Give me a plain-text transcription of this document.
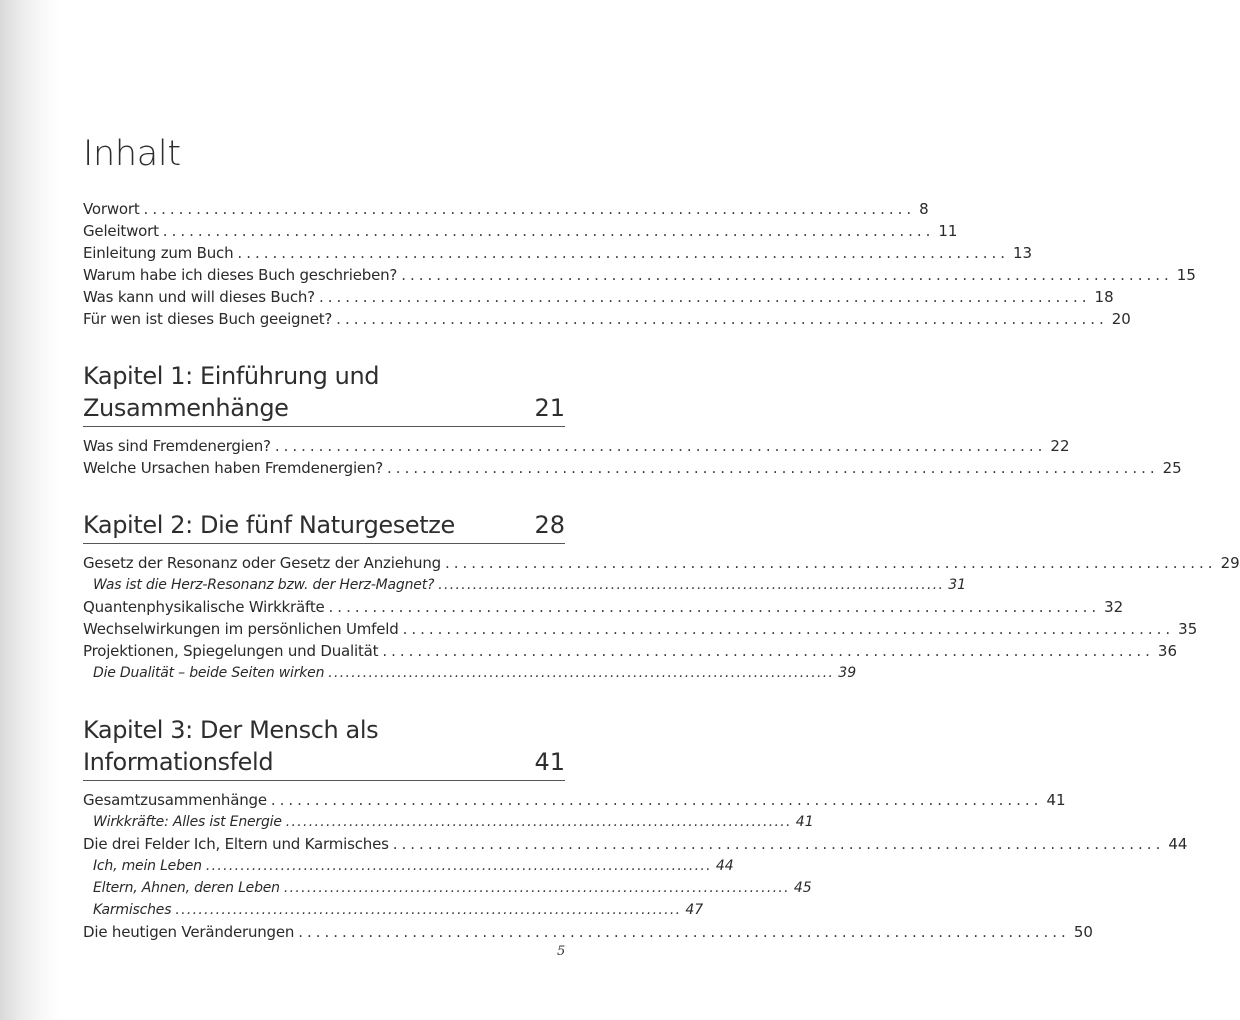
Inhalt
Vorwort ........................................................................................ 8
Geleitwort ........................................................................................ 11
Einleitung zum Buch ........................................................................................ 13
Warum habe ich dieses Buch geschrieben? ........................................................................................ 15
Was kann und will dieses Buch? ........................................................................................ 18
Für wen ist dieses Buch geeignet? ........................................................................................ 20
Kapitel 1: Einführung und
Zusammenhänge	21
Was sind Fremdenergien? ........................................................................................ 22
Welche Ursachen haben Fremdenergien? ........................................................................................ 25
Kapitel 2: Die fünf Naturgesetze	28
Gesetz der Resonanz oder Gesetz der Anziehung ........................................................................................ 29
Was ist die Herz-Resonanz bzw. der Herz-Magnet? ........................................................................................ 31
Quantenphysikalische Wirkkräfte ........................................................................................ 32
Wechselwirkungen im persönlichen Umfeld ........................................................................................ 35
Projektionen, Spiegelungen und Dualität ........................................................................................ 36
Die Dualität – beide Seiten wirken ........................................................................................ 39
Kapitel 3: Der Mensch als
Informationsfeld	41
Gesamtzusammenhänge ........................................................................................ 41
Wirkkräfte: Alles ist Energie ........................................................................................ 41
Die drei Felder Ich, Eltern und Karmisches ........................................................................................ 44
Ich, mein Leben ........................................................................................ 44
Eltern, Ahnen, deren Leben ........................................................................................ 45
Karmisches ........................................................................................ 47
Die heutigen Veränderungen ........................................................................................ 50
5
